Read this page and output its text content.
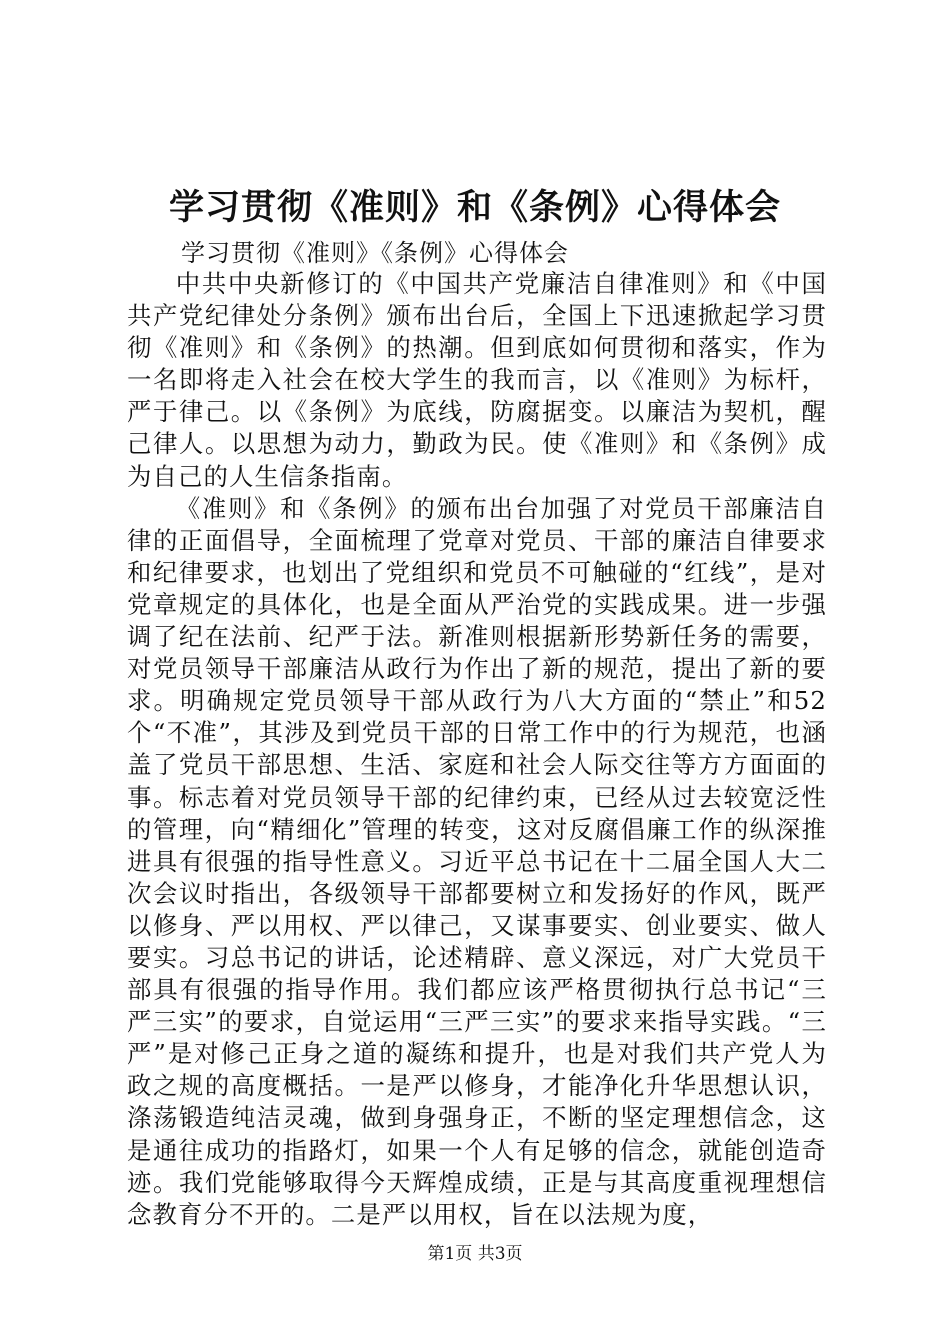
学习贯彻《准则》和《条例》心得体会
学习贯彻《准则》《条例》心得体会

中共中央新修订的《中国共产党廉洁自律准则》和《中国共产党纪律处分条例》颁布出台后，全国上下迅速掀起学习贯彻《准则》和《条例》的热潮。但到底如何贯彻和落实，作为一名即将走入社会在校大学生的我而言，以《准则》为标杆，严于律己。以《条例》为底线，防腐据变。以廉洁为契机，醒己律人。以思想为动力，勤政为民。使《准则》和《条例》成为自己的人生信条指南。

《准则》和《条例》的颁布出台加强了对党员干部廉洁自律的正面倡导，全面梳理了党章对党员、干部的廉洁自律要求和纪律要求，也划出了党组织和党员不可触碰的“红线”，是对党章规定的具体化，也是全面从严治党的实践成果。进一步强调了纪在法前、纪严于法。新准则根据新形势新任务的需要，对党员领导干部廉洁从政行为作出了新的规范，提出了新的要求。明确规定党员领导干部从政行为八大方面的“禁止”和52个“不准”，其涉及到党员干部的日常工作中的行为规范，也涵盖了党员干部思想、生活、家庭和社会人际交往等方方面面的事。标志着对党员领导干部的纪律约束，已经从过去较宽泛性的管理，向“精细化”管理的转变，这对反腐倡廉工作的纵深推进具有很强的指导性意义。习近平总书记在十二届全国人大二次会议时指出，各级领导干部都要树立和发扬好的作风，既严以修身、严以用权、严以律己，又谋事要实、创业要实、做人要实。习总书记的讲话，论述精辟、意义深远，对广大党员干部具有很强的指导作用。我们都应该严格贯彻执行总书记“三严三实”的要求，自觉运用“三严三实”的要求来指导实践。“三严”是对修己正身之道的凝练和提升，也是对我们共产党人为政之规的高度概括。一是严以修身，才能净化升华思想认识，涤荡锻造纯洁灵魂，做到身强身正，不断的坚定理想信念，这是通往成功的指路灯，如果一个人有足够的信念，就能创造奇迹。我们党能够取得今天辉煌成绩，正是与其高度重视理想信念教育分不开的。二是严以用权，旨在以法规为度，

第1页 共3页
